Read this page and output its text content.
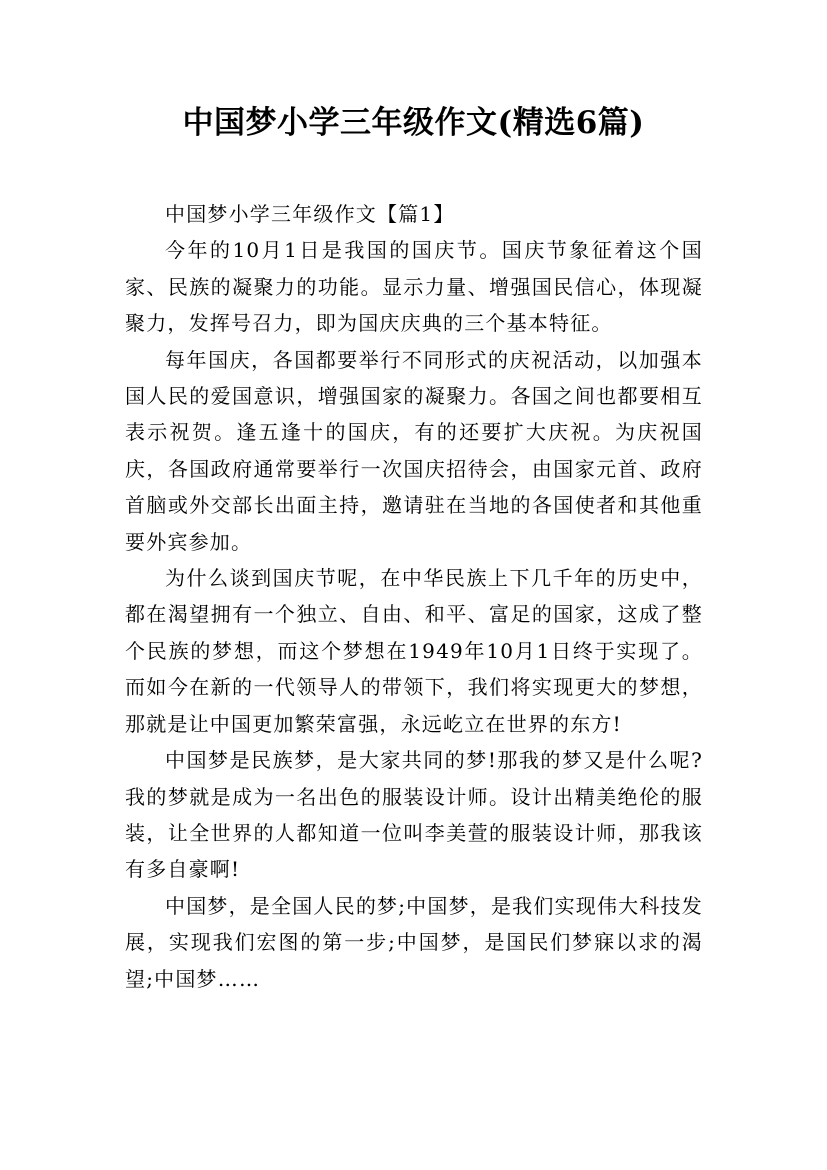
中国梦小学三年级作文(精选6篇)

中国梦小学三年级作文【篇1】

今年的10月1日是我国的国庆节。国庆节象征着这个国家、民族的凝聚力的功能。显示力量、增强国民信心，体现凝聚力，发挥号召力，即为国庆庆典的三个基本特征。

每年国庆，各国都要举行不同形式的庆祝活动，以加强本国人民的爱国意识，增强国家的凝聚力。各国之间也都要相互表示祝贺。逢五逢十的国庆，有的还要扩大庆祝。为庆祝国庆，各国政府通常要举行一次国庆招待会，由国家元首、政府首脑或外交部长出面主持，邀请驻在当地的各国使者和其他重要外宾参加。

为什么谈到国庆节呢，在中华民族上下几千年的历史中，都在渴望拥有一个独立、自由、和平、富足的国家，这成了整个民族的梦想，而这个梦想在1949年10月1日终于实现了。而如今在新的一代领导人的带领下，我们将实现更大的梦想，那就是让中国更加繁荣富强，永远屹立在世界的东方!

中国梦是民族梦，是大家共同的梦!那我的梦又是什么呢?我的梦就是成为一名出色的服装设计师。设计出精美绝伦的服装，让全世界的人都知道一位叫李美萱的服装设计师，那我该有多自豪啊!

中国梦，是全国人民的梦;中国梦，是我们实现伟大科技发展，实现我们宏图的第一步;中国梦，是国民们梦寐以求的渴望;中国梦……
